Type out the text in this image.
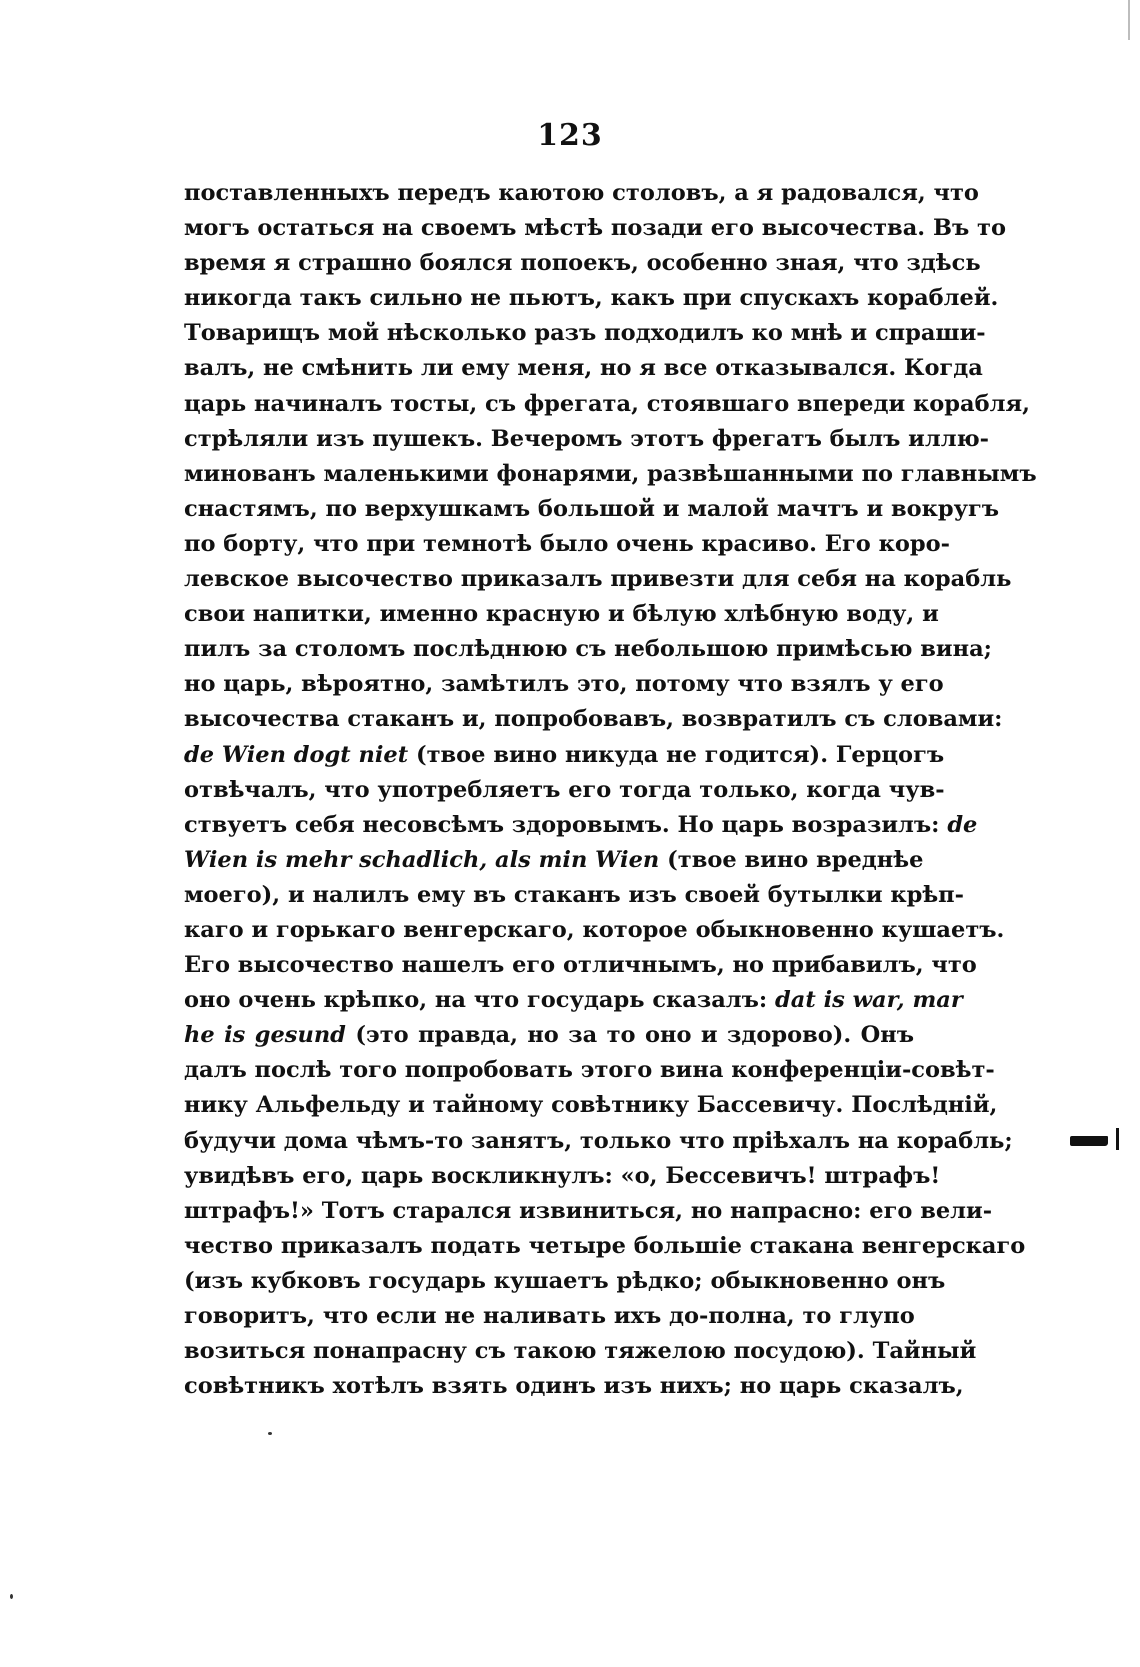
123
поставленныхъ передъ каютою столовъ, а я радовался, что
могъ остаться на своемъ мѣстѣ позади его высочества. Въ то
время я страшно боялся попоекъ, особенно зная, что здѣсь
никогда такъ сильно не пьютъ, какъ при спускахъ кораблей.
Товарищъ мой нѣсколько разъ подходилъ ко мнѣ и спраши-
валъ, не смѣнить ли ему меня, но я все отказывался. Когда
царь начиналъ тосты, съ фрегата, стоявшаго впереди корабля,
стрѣляли изъ пушекъ. Вечеромъ этотъ фрегатъ былъ иллю-
минованъ маленькими фонарями, развѣшанными по главнымъ
снастямъ, по верхушкамъ большой и малой мачтъ и вокругъ
по борту, что при темнотѣ было очень красиво. Его коро-
левское высочество приказалъ привезти для себя на корабль
свои напитки, именно красную и бѣлую хлѣбную воду, и
пилъ за столомъ послѣднюю съ небольшою примѣсью вина;
но царь, вѣроятно, замѣтилъ это, потому что взялъ у его
высочества стаканъ и, попробовавъ, возвратилъ съ словами:
de Wien dogt niet (твое вино никуда не годится). Герцогъ
отвѣчалъ, что употребляетъ его тогда только, когда чув-
ствуетъ себя несовсѣмъ здоровымъ. Но царь возразилъ: de
Wien is mehr schadlich, als min Wien (твое вино вреднѣе
моего), и налилъ ему въ стаканъ изъ своей бутылки крѣп-
каго и горькаго венгерскаго, которое обыкновенно кушаетъ.
Его высочество нашелъ его отличнымъ, но прибавилъ, что
оно очень крѣпко, на что государь сказалъ: dat is war, mar
he is gesund (это правда, но за то оно и здорово). Онъ
далъ послѣ того попробовать этого вина конференціи-совѣт-
нику Альфельду и тайному совѣтнику Бассевичу. Послѣдній,
будучи дома чѣмъ-то занятъ, только что пріѣхалъ на корабль;
увидѣвъ его, царь воскликнулъ: «о, Бессевичъ! штрафъ!
штрафъ!» Тотъ старался извиниться, но напрасно: его вели-
чество приказалъ подать четыре большіе стакана венгерскаго
(изъ кубковъ государь кушаетъ рѣдко; обыкновенно онъ
говоритъ, что если не наливать ихъ до-полна, то глупо
возиться понапрасну съ такою тяжелою посудою). Тайный
совѣтникъ хотѣлъ взять одинъ изъ нихъ; но царь сказалъ,
